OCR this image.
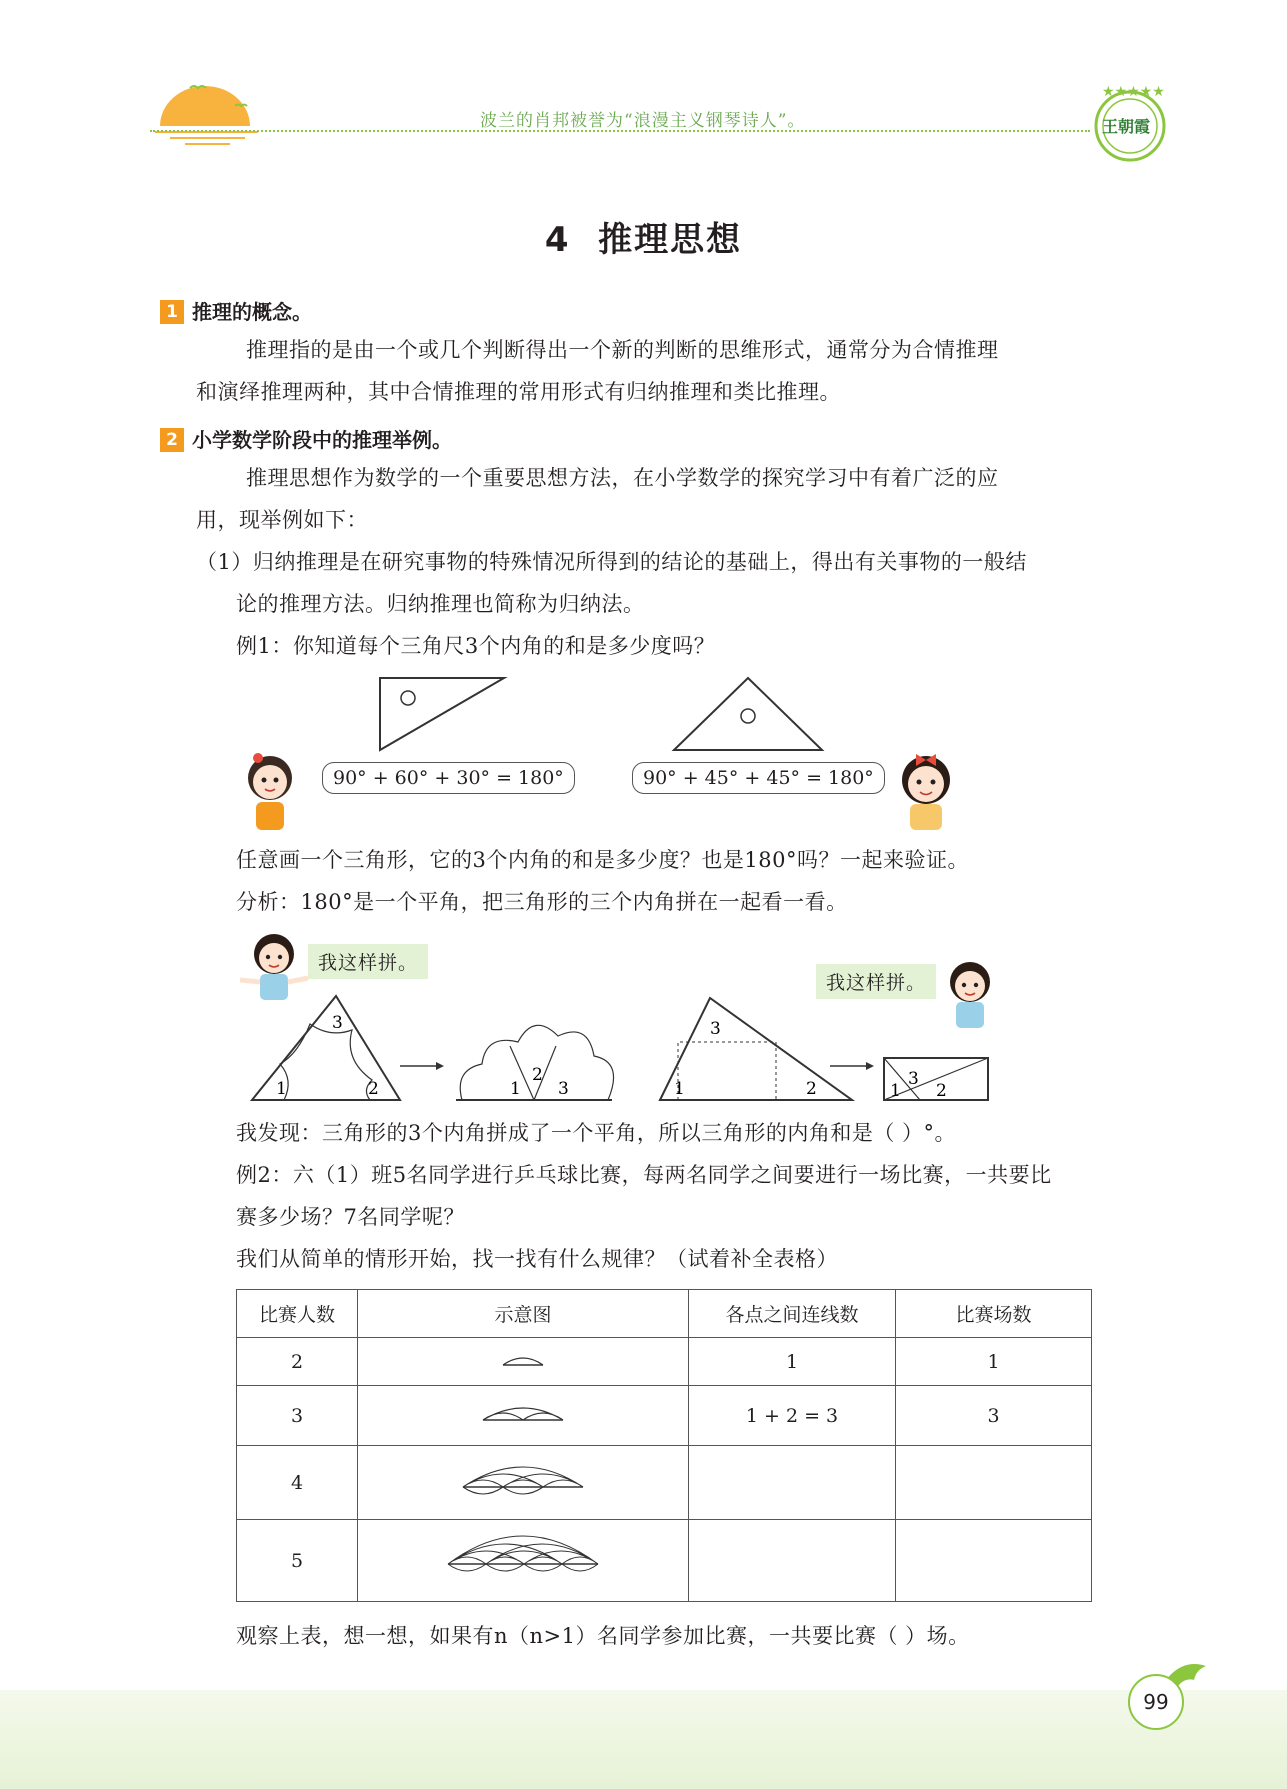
波兰的肖邦被誉为“浪漫主义钢琴诗人”。
★★★★★
王朝霞
4  推理思想
1 推理的概念。
推理指的是由一个或几个判断得出一个新的判断的思维形式，通常分为合情推理
和演绎推理两种，其中合情推理的常用形式有归纳推理和类比推理。
2 小学数学阶段中的推理举例。
推理思想作为数学的一个重要思想方法，在小学数学的探究学习中有着广泛的应
用，现举例如下：
（1）归纳推理是在研究事物的特殊情况所得到的结论的基础上，得出有关事物的一般结
论的推理方法。归纳推理也简称为归纳法。
例1：你知道每个三角尺3个内角的和是多少度吗？
90° + 60° + 30° = 180°	90° + 45° + 45° = 180°
任意画一个三角形，它的3个内角的和是多少度？也是180°吗？一起来验证。
分析：180°是一个平角，把三角形的三个内角拼在一起看一看。
我这样拼。
我这样拼。
1	2
3
1
2
3	1	2
3
1 2
3
我发现：三角形的3个内角拼成了一个平角，所以三角形的内角和是（ ）°。
例2：六（1）班5名同学进行乒乓球比赛，每两名同学之间要进行一场比赛，一共要比
赛多少场？7名同学呢？
我们从简单的情形开始，找一找有什么规律？（试着补全表格）
比赛人数	示意图	各点之间连线数	比赛场数
2		1	1
3		1 + 2 = 3	3
4			
5			
观察上表，想一想，如果有n（n>1）名同学参加比赛，一共要比赛（ ）场。
99
